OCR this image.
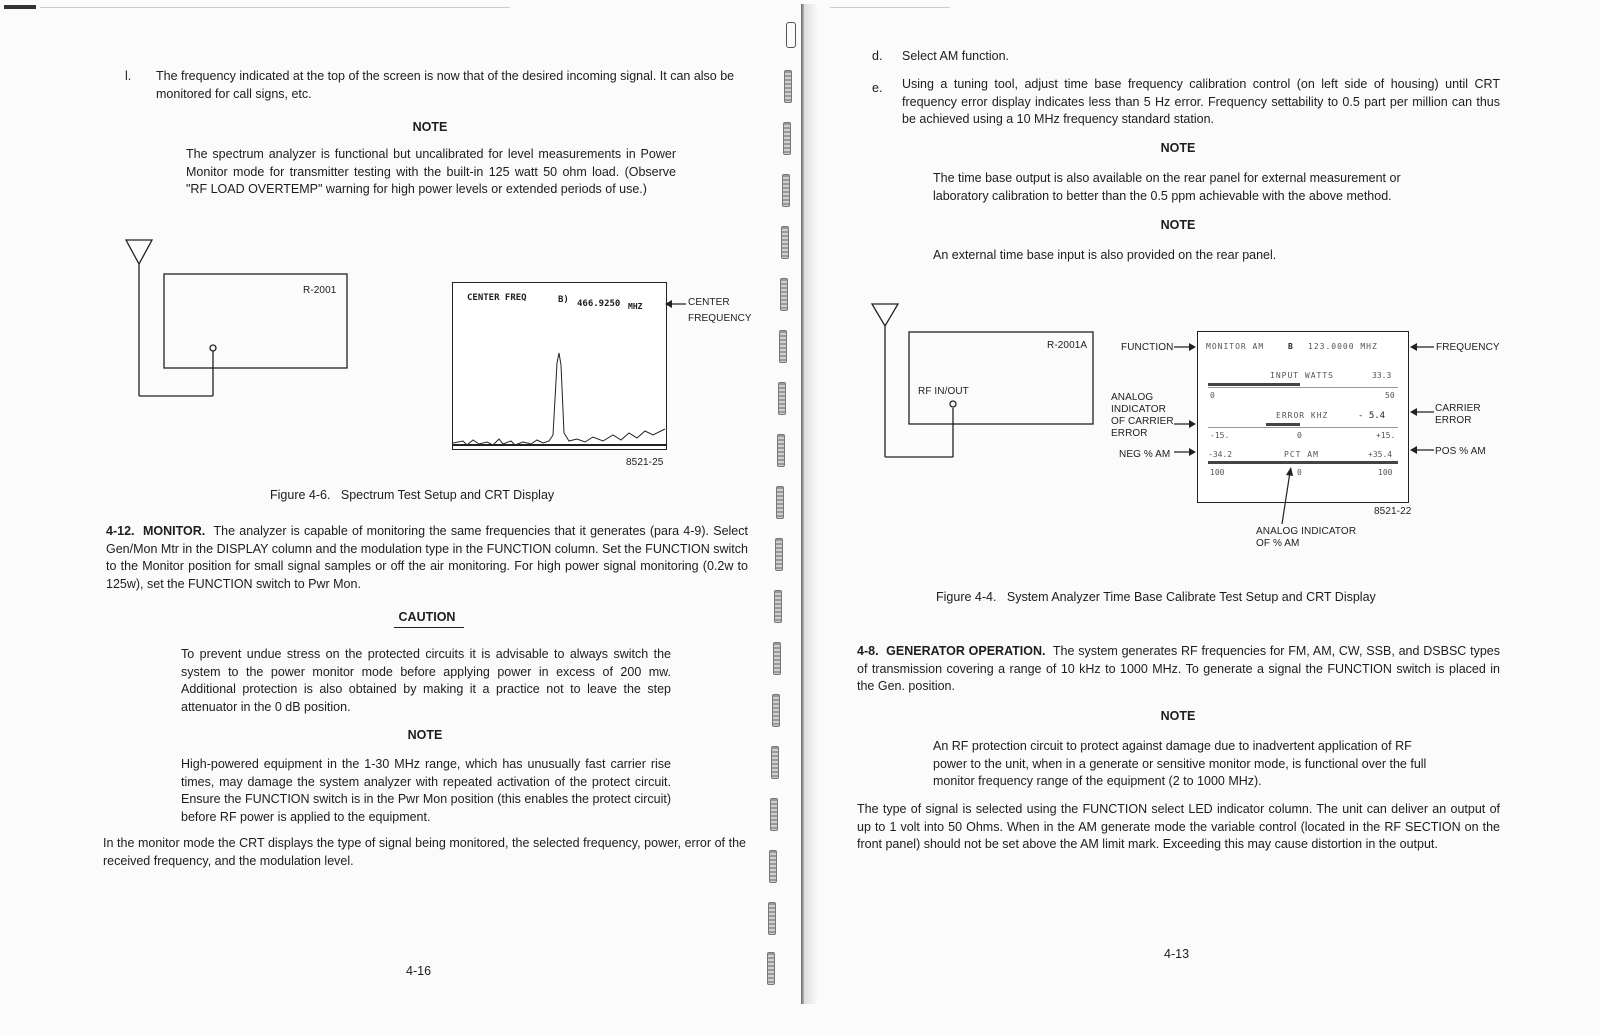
l. The frequency indicated at the top of the screen is now that of the desired incoming signal. It can also be monitored for call signs, etc.
NOTE
The spectrum analyzer is functional but uncalibrated for level measurements in Power Monitor mode for transmitter testing with the built-in 125 watt 50 ohm load. (Observe "RF LOAD OVERTEMP" warning for high power levels or extended periods of use.)
R-2001
CENTER FREQ	B) 466.9250 MHZ	CENTER
FREQUENCY
8521-25
Figure 4-6.   Spectrum Test Setup and CRT Display
4-12. MONITOR. The analyzer is capable of monitoring the same frequencies that it generates (para 4-9). Select Gen/Mon Mtr in the DISPLAY column and the modulation type in the FUNCTION column. Set the FUNCTION switch to the Monitor position for small signal samples or off the air monitoring. For high power signal monitoring (0.2w to 125w), set the FUNCTION switch to Pwr Mon.
CAUTION
To prevent undue stress on the protected circuits it is advisable to always switch the system to the power monitor mode before applying power in excess of 200 mw. Additional protection is also obtained by making it a practice not to leave the step attenuator in the 0 dB position.
NOTE
High-powered equipment in the 1-30 MHz range, which has unusually fast carrier rise times, may damage the system analyzer with repeated activation of the protect circuit. Ensure the FUNCTION switch is in the Pwr Mon position (this enables the protect circuit) before RF power is applied to the equipment.
In the monitor mode the CRT displays the type of signal being monitored, the selected frequency, power, error of the received frequency, and the modulation level.
4-16
d. Select AM function.
e. Using a tuning tool, adjust time base frequency calibration control (on left side of housing) until CRT frequency error display indicates less than 5 Hz error. Frequency settability to 0.5 part per million can thus be achieved using a 10 MHz frequency standard station.
NOTE
The time base output is also available on the rear panel for external measurement or laboratory calibration to better than the 0.5 ppm achievable with the above method.
NOTE
An external time base input is also provided on the rear panel.
R-2001A
RF IN/OUT
FUNCTION
ANALOG
INDICATOR
OF CARRIER
ERROR
NEG % AM
MONITOR AM	B 123.0000 MHZ
INPUT WATTS	33.3
0	50
ERROR KHZ	- 5.4
-15.	0	+15.
-34.2	PCT AM	+35.4
100	0	100
FREQUENCY
CARRIER
ERROR
POS % AM
ANALOG INDICATOR
OF % AM
8521-22
Figure 4-4.   System Analyzer Time Base Calibrate Test Setup and CRT Display
4-8. GENERATOR OPERATION. The system generates RF frequencies for FM, AM, CW, SSB, and DSBSC types of transmission covering a range of 10 kHz to 1000 MHz. To generate a signal the FUNCTION switch is placed in the Gen. position.
NOTE
An RF protection circuit to protect against damage due to inadvertent application of RF power to the unit, when in a generate or sensitive monitor mode, is functional over the full monitor frequency range of the equipment (2 to 1000 MHz).
The type of signal is selected using the FUNCTION select LED indicator column. The unit can deliver an output of up to 1 volt into 50 Ohms. When in the AM generate mode the variable control (located in the RF SECTION on the front panel) should not be set above the AM limit mark. Exceeding this may cause distortion in the output.
4-13
